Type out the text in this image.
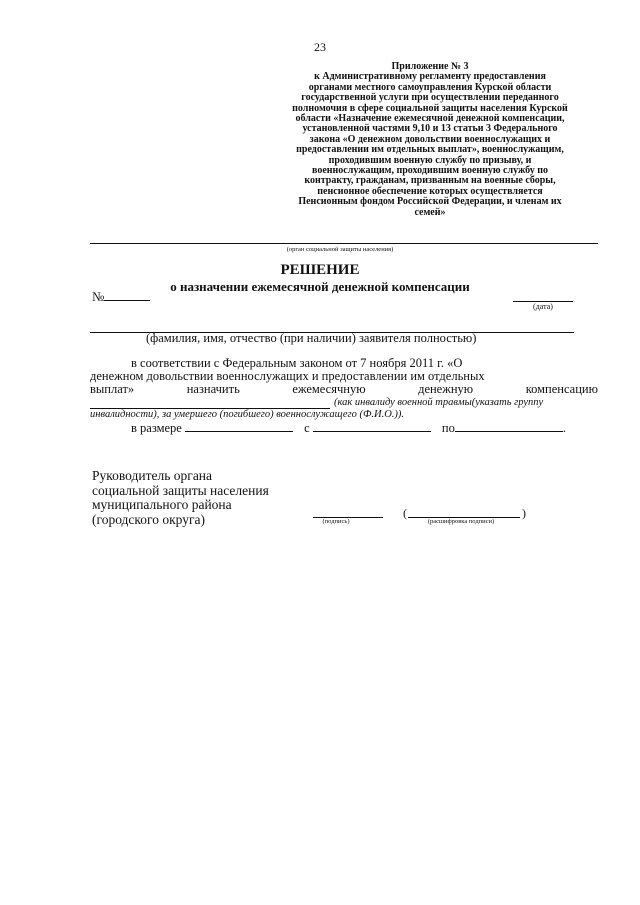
23
Приложение № 3
к Административному регламенту предоставления
органами местного самоуправления Курской области
государственной услуги при осуществлении переданного
полномочия в сфере социальной защиты населения Курской
области «Назначение ежемесячной денежной компенсации,
установленной частями 9,10 и 13 статьи 3 Федерального
закона «О денежном довольствии военнослужащих и
предоставлении им отдельных выплат», военнослужащим,
проходившим военную службу по призыву, и
военнослужащим, проходившим военную службу по
контракту, гражданам, призванным на военные сборы,
пенсионное обеспечение которых осуществляется
Пенсионным фондом Российской Федерации, и членам их
семей»
(орган социальной защиты населения)
РЕШЕНИЕ
о назначении ежемесячной денежной компенсации
№
(дата)
(фамилия, имя, отчество (при наличии) заявителя полностью)
в соответствии с Федеральным законом от 7 ноября 2011 г. «О
денежном довольствии военнослужащих и предоставлении им отдельных
выплат»	назначить	ежемесячную	денежную	компенсацию
(как инвалиду военной травмы(указать группу
инвалидности), за умершего (погибшего) военнослужащего (Ф.И.О.)).
в размере	с	по	.
Руководитель органа
социальной защиты населения
муниципального района
(городского округа)	(подпись)
(	)
(расшифровка подписи)
